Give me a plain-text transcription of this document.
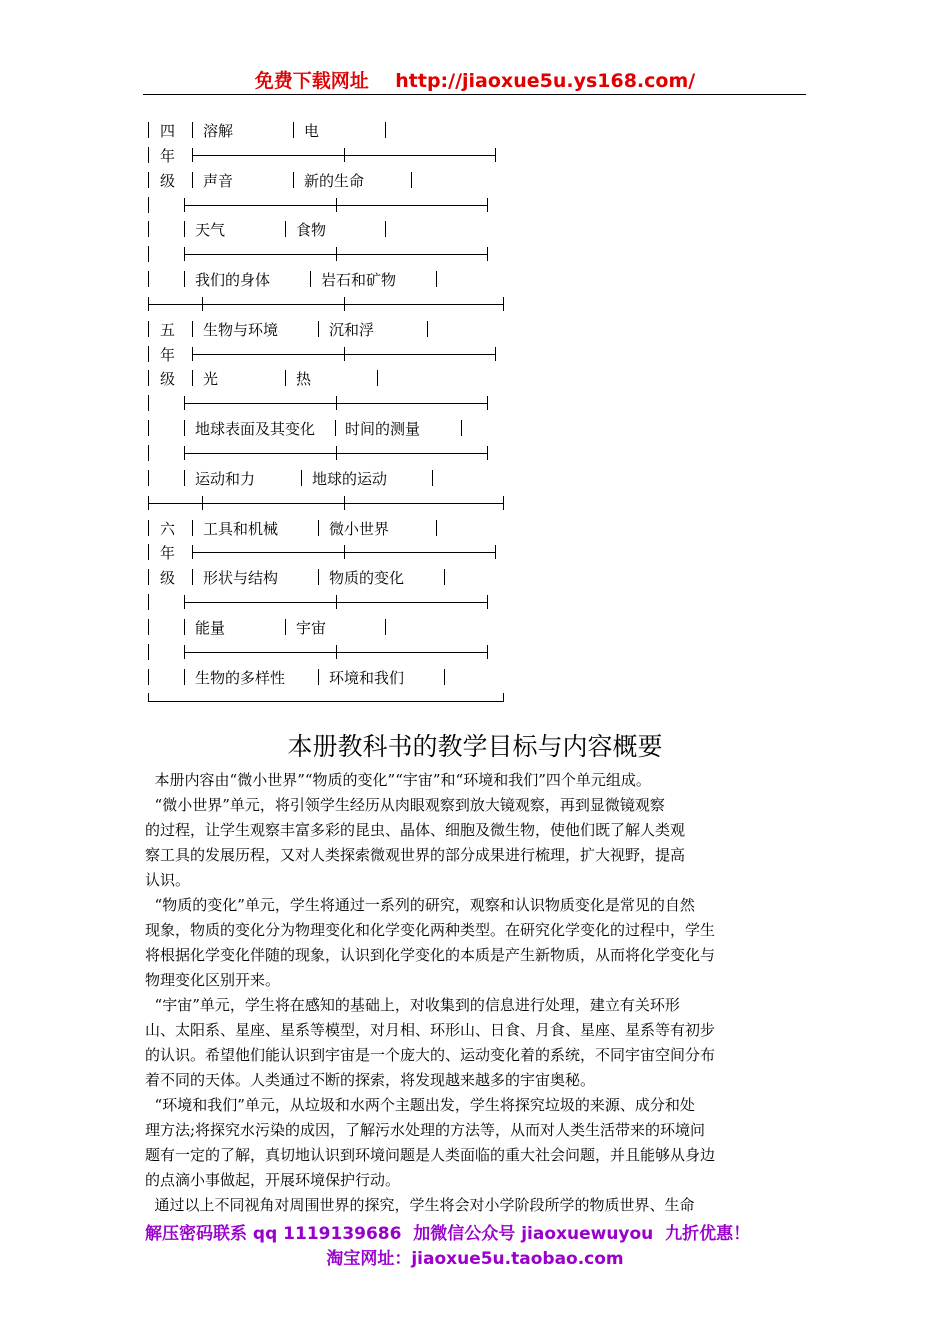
免费下载网址 http://jiaoxue5u.ys168.com/
四 溶解	电
年
级 声音	新的生命
天气	食物
我们的身体	岩石和矿物
五 生物与环境	沉和浮
年
级 光	热
地球表面及其变化 时间的测量
运动和力	地球的运动
六 工具和机械	微小世界
年
级 形状与结构	物质的变化
能量	宇宙
生物的多样性	环境和我们
本册教科书的教学目标与内容概要

本册内容由“微小世界”“物质的变化”“宇宙”和“环境和我们”四个单元组成。

“微小世界”单元，将引领学生经历从肉眼观察到放大镜观察，再到显微镜观察

的过程，让学生观察丰富多彩的昆虫、晶体、细胞及微生物，使他们既了解人类观

察工具的发展历程，又对人类探索微观世界的部分成果进行梳理，扩大视野，提高

认识。

“物质的变化”单元，学生将通过一系列的研究，观察和认识物质变化是常见的自然

现象，物质的变化分为物理变化和化学变化两种类型。在研究化学变化的过程中，学生

将根据化学变化伴随的现象，认识到化学变化的本质是产生新物质，从而将化学变化与

物理变化区别开来。

“宇宙”单元，学生将在感知的基础上，对收集到的信息进行处理，建立有关环形

山、太阳系、星座、星系等模型，对月相、环形山、日食、月食、星座、星系等有初步

的认识。希望他们能认识到宇宙是一个庞大的、运动变化着的系统，不同宇宙空间分布

着不同的天体。人类通过不断的探索，将发现越来越多的宇宙奥秘。

“环境和我们”单元，从垃圾和水两个主题出发，学生将探究垃圾的来源、成分和处

理方法;将探究水污染的成因，了解污水处理的方法等，从而对人类生活带来的环境问

题有一定的了解，真切地认识到环境问题是人类面临的重大社会问题，并且能够从身边

的点滴小事做起，开展环境保护行动。

通过以上不同视角对周围世界的探究，学生将会对小学阶段所学的物质世界、生命

解压密码联系 qq 1119139686  加微信公众号 jiaoxuewuyou  九折优惠！
淘宝网址：jiaoxue5u.taobao.com
